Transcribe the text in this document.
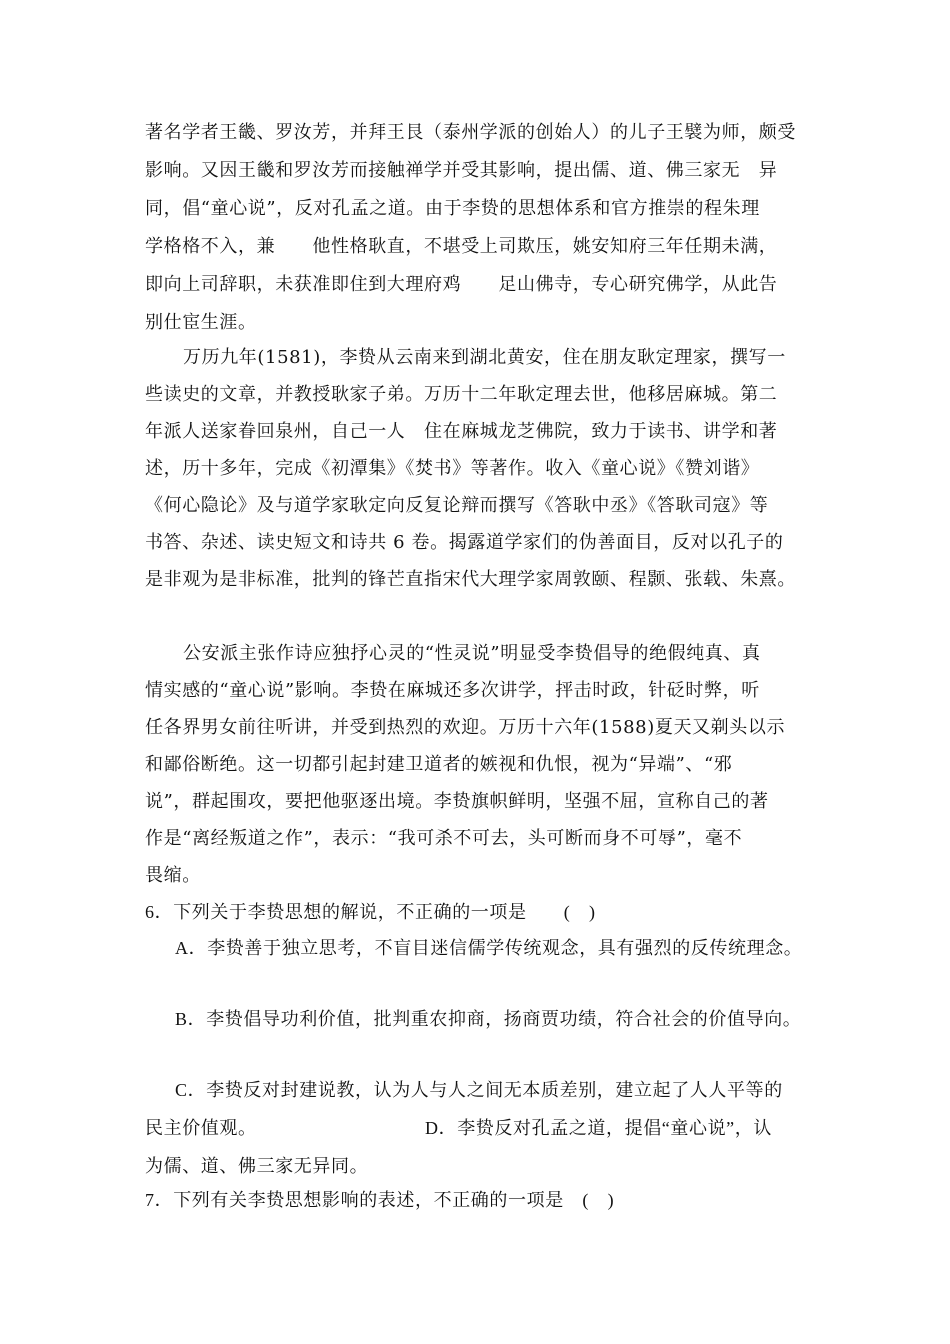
著名学者王畿、罗汝芳，并拜王艮（泰州学派的创始人）的儿子王襞为师，颇受
影响。又因王畿和罗汝芳而接触禅学并受其影响，提出儒、道、佛三家无　异
同，倡“童心说”，反对孔孟之道。由于李贽的思想体系和官方推崇的程朱理
学格格不入，兼　　他性格耿直，不堪受上司欺压，姚安知府三年任期未满，
即向上司辞职，未获准即住到大理府鸡　　足山佛寺，专心研究佛学，从此告
别仕宦生涯。
万历九年(1581)，李贽从云南来到湖北黄安，住在朋友耿定理家，撰写一
些读史的文章，并教授耿家子弟。万历十二年耿定理去世，他移居麻城。第二
年派人送家眷回泉州，自己一人　住在麻城龙芝佛院，致力于读书、讲学和著
述，历十多年，完成《初潭集》《焚书》等著作。收入《童心说》《赞刘谐》
《何心隐论》及与道学家耿定向反复论辩而撰写《答耿中丞》《答耿司寇》等
书答、杂述、读史短文和诗共 6 卷。揭露道学家们的伪善面目，反对以孔子的
是非观为是非标准，批判的锋芒直指宋代大理学家周敦颐、程颢、张载、朱熹。
公安派主张作诗应独抒心灵的“性灵说”明显受李贽倡导的绝假纯真、真
情实感的“童心说”影响。李贽在麻城还多次讲学，抨击时政，针砭时弊，听
任各界男女前往听讲，并受到热烈的欢迎。万历十六年(1588)夏天又剃头以示
和鄙俗断绝。这一切都引起封建卫道者的嫉视和仇恨，视为“异端”、“邪
说”，群起围攻，要把他驱逐出境。李贽旗帜鲜明，坚强不屈，宣称自己的著
作是“离经叛道之作”，表示：“我可杀不可去，头可断而身不可辱”，毫不
畏缩。
6．下列关于李贽思想的解说，不正确的一项是　　(　)
A．李贽善于独立思考，不盲目迷信儒学传统观念，具有强烈的反传统理念。
B．李贽倡导功利价值，批判重农抑商，扬商贾功绩，符合社会的价值导向。
C．李贽反对封建说教，认为人与人之间无本质差别，建立起了人人平等的
民主价值观。	D．李贽反对孔孟之道，提倡“童心说”，认
为儒、道、佛三家无异同。
7．下列有关李贽思想影响的表述，不正确的一项是　(　)
